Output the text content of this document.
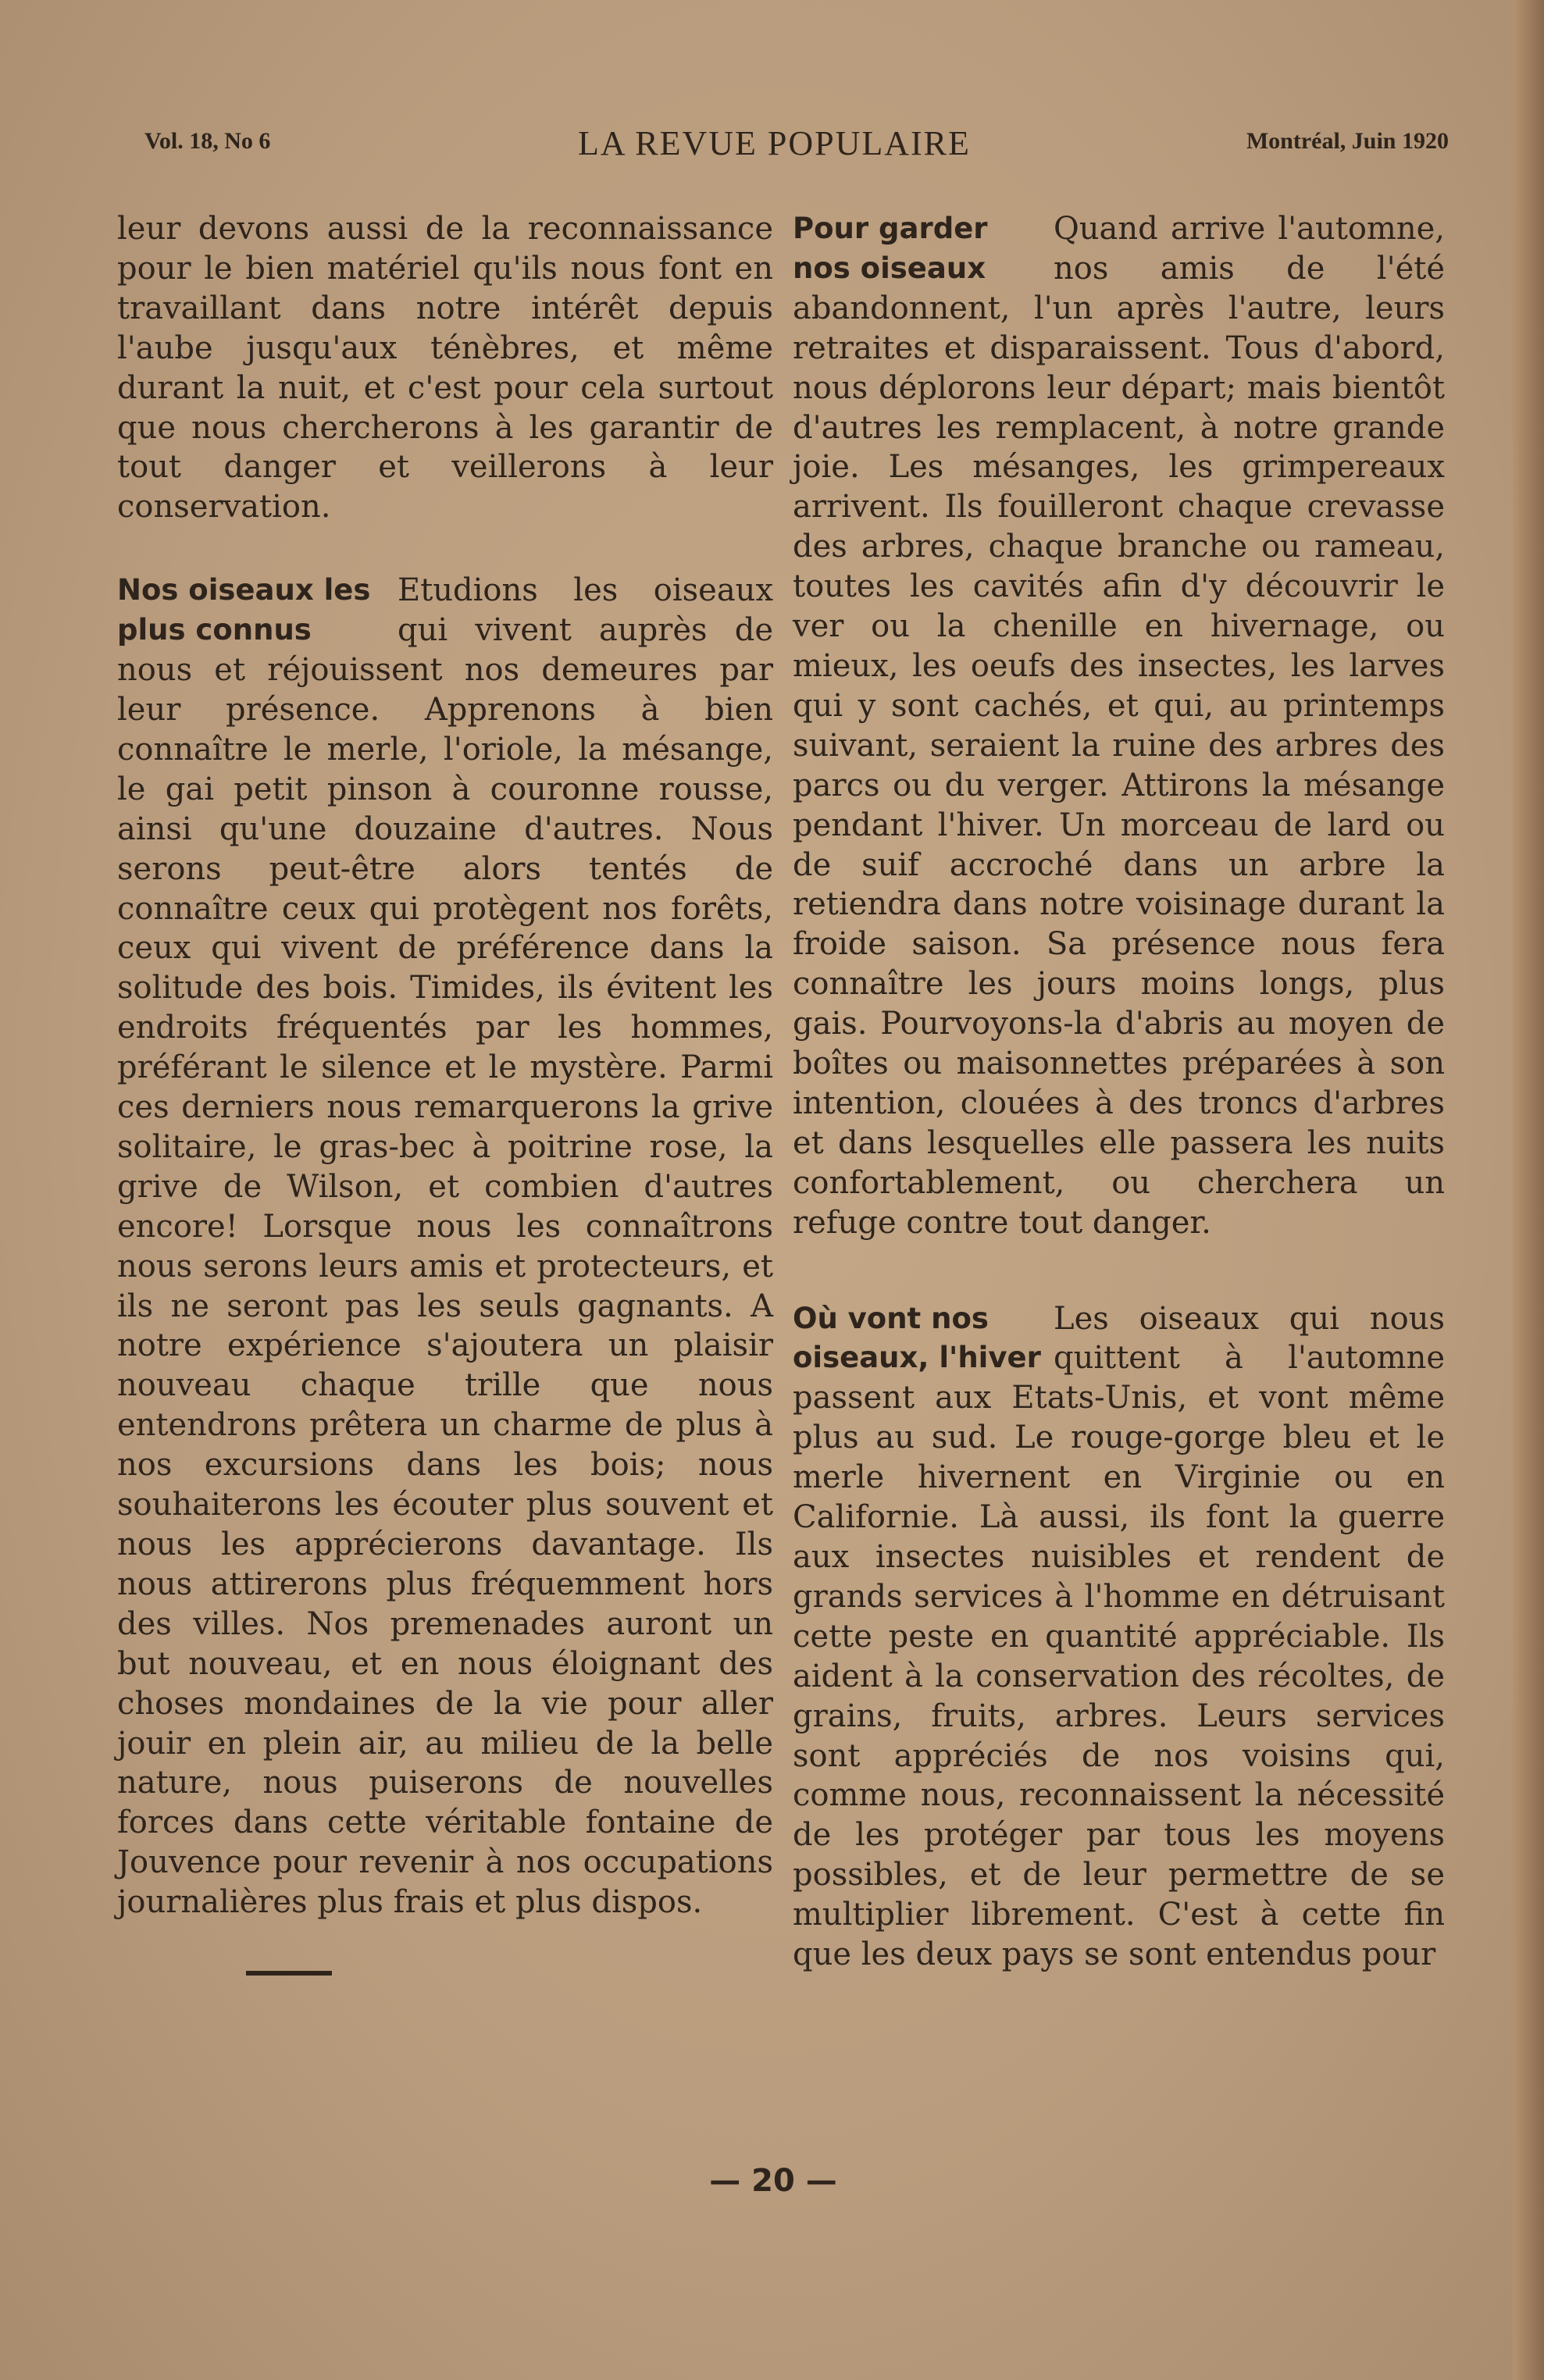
Vol. 18, No 6	LA REVUE POPULAIRE	Montréal, Juin 1920

leur devons aussi de la reconnaissance pour le bien matériel qu'ils nous font en travaillant dans notre intérêt depuis l'aube jusqu'aux ténèbres, et même durant la nuit, et c'est pour cela surtout que nous chercherons à les garantir de tout danger et veillerons à leur conservation.

Nos oiseaux les plus connus

Etudions les oiseaux qui vivent auprès de nous et réjouissent nos demeures par leur présence. Apprenons à bien connaître le merle, l'oriole, la mésange, le gai petit pinson à couronne rousse, ainsi qu'une douzaine d'autres. Nous serons peut-être alors tentés de connaître ceux qui protègent nos forêts, ceux qui vivent de préférence dans la solitude des bois. Timides, ils évitent les endroits fréquentés par les hommes, préférant le silence et le mystère. Parmi ces derniers nous remarquerons la grive solitaire, le gras-bec à poitrine rose, la grive de Wilson, et combien d'autres encore! Lorsque nous les connaîtrons nous serons leurs amis et protecteurs, et ils ne seront pas les seuls gagnants. A notre expérience s'ajoutera un plaisir nouveau chaque trille que nous entendrons prêtera un charme de plus à nos excursions dans les bois; nous souhaiterons les écouter plus souvent et nous les apprécierons davantage. Ils nous attirerons plus fréquemment hors des villes. Nos premenades auront un but nouveau, et en nous éloignant des choses mondaines de la vie pour aller jouir en plein air, au milieu de la belle nature, nous puiserons de nouvelles forces dans cette véritable fontaine de Jouvence pour revenir à nos occupations journalières plus frais et plus dispos.

Pour garder nos oiseaux

Quand arrive l'automne, nos amis de l'été abandonnent, l'un après l'autre, leurs retraites et disparaissent. Tous d'abord, nous déplorons leur départ; mais bientôt d'autres les remplacent, à notre grande joie. Les mésanges, les grimpereaux arrivent. Ils fouilleront chaque crevasse des arbres, chaque branche ou rameau, toutes les cavités afin d'y découvrir le ver ou la chenille en hivernage, ou mieux, les oeufs des insectes, les larves qui y sont cachés, et qui, au printemps suivant, seraient la ruine des arbres des parcs ou du verger. Attirons la mésange pendant l'hiver. Un morceau de lard ou de suif accroché dans un arbre la retiendra dans notre voisinage durant la froide saison. Sa présence nous fera connaître les jours moins longs, plus gais. Pourvoyons-la d'abris au moyen de boîtes ou maisonnettes préparées à son intention, clouées à des troncs d'arbres et dans lesquelles elle passera les nuits confortablement, ou cherchera un refuge contre tout danger.

Où vont nos oiseaux, l'hiver

Les oiseaux qui nous quittent à l'automne passent aux Etats-Unis, et vont même plus au sud. Le rouge-gorge bleu et le merle hivernent en Virginie ou en Californie. Là aussi, ils font la guerre aux insectes nuisibles et rendent de grands services à l'homme en détruisant cette peste en quantité appréciable. Ils aident à la conservation des récoltes, de grains, fruits, arbres. Leurs services sont appréciés de nos voisins qui, comme nous, reconnaissent la nécessité de les protéger par tous les moyens possibles, et de leur permettre de se multiplier librement. C'est à cette fin que les deux pays se sont entendus pour

— 20 —
